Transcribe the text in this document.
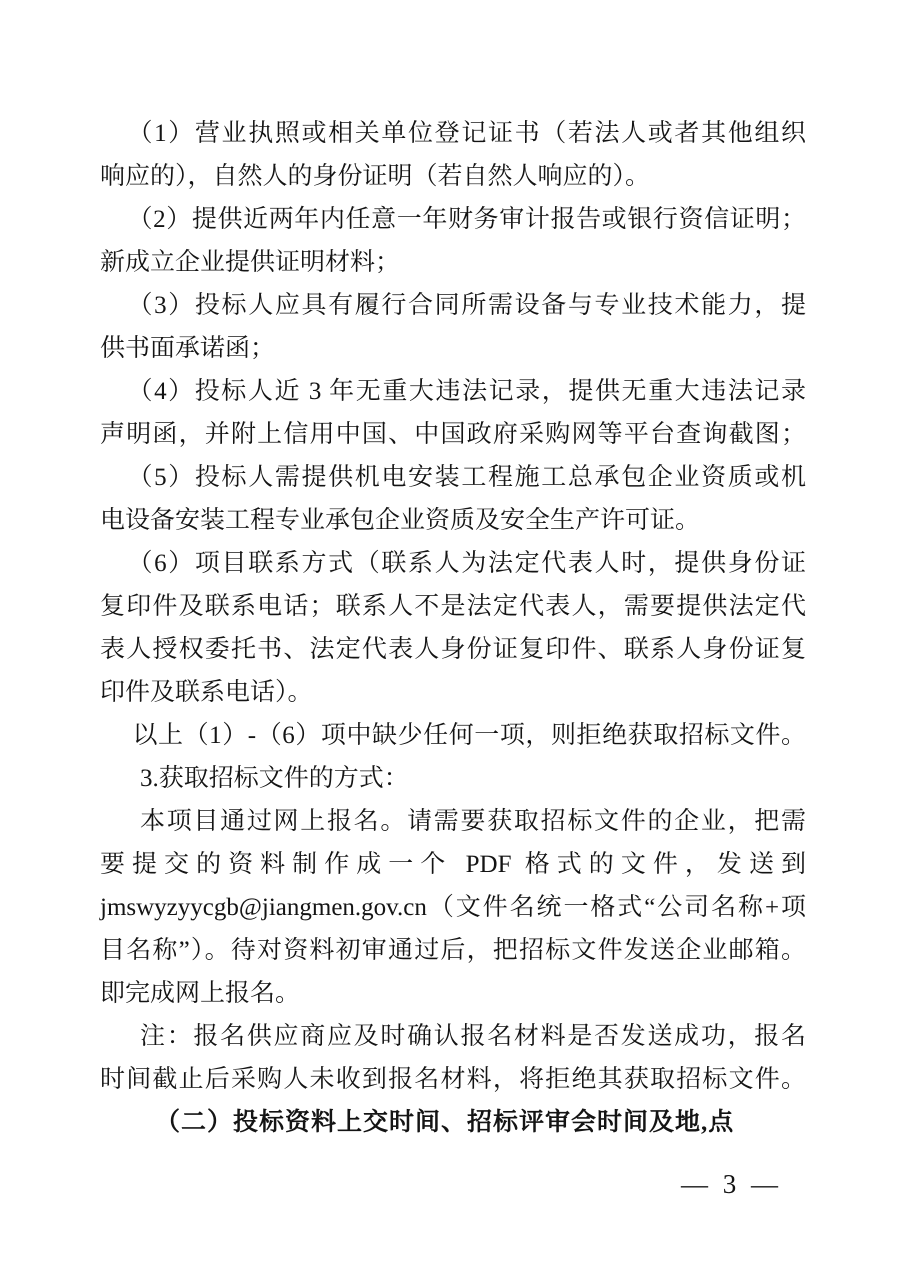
（1）营业执照或相关单位登记证书（若法人或者其他组织
响应的），自然人的身份证明（若自然人响应的）。
（2）提供近两年内任意一年财务审计报告或银行资信证明；
新成立企业提供证明材料；
（3）投标人应具有履行合同所需设备与专业技术能力，提
供书面承诺函；
（4）投标人近 3 年无重大违法记录，提供无重大违法记录
声明函，并附上信用中国、中国政府采购网等平台查询截图；
（5）投标人需提供机电安装工程施工总承包企业资质或机
电设备安装工程专业承包企业资质及安全生产许可证。
（6）项目联系方式（联系人为法定代表人时，提供身份证
复印件及联系电话；联系人不是法定代表人，需要提供法定代
表人授权委托书、法定代表人身份证复印件、联系人身份证复
印件及联系电话）。
以上（1）-（6）项中缺少任何一项，则拒绝获取招标文件。
3.获取招标文件的方式：
本项目通过网上报名。请需要获取招标文件的企业，把需
要提交的资料制作成一个 PDF 格式的文件，发送到
jmswyzyycgb@jiangmen.gov.cn（文件名统一格式“公司名称+项
目名称”）。待对资料初审通过后，把招标文件发送企业邮箱。
即完成网上报名。
注：报名供应商应及时确认报名材料是否发送成功，报名
时间截止后采购人未收到报名材料，将拒绝其获取招标文件。
（二）投标资料上交时间、招标评审会时间及地,点
— 3 —
